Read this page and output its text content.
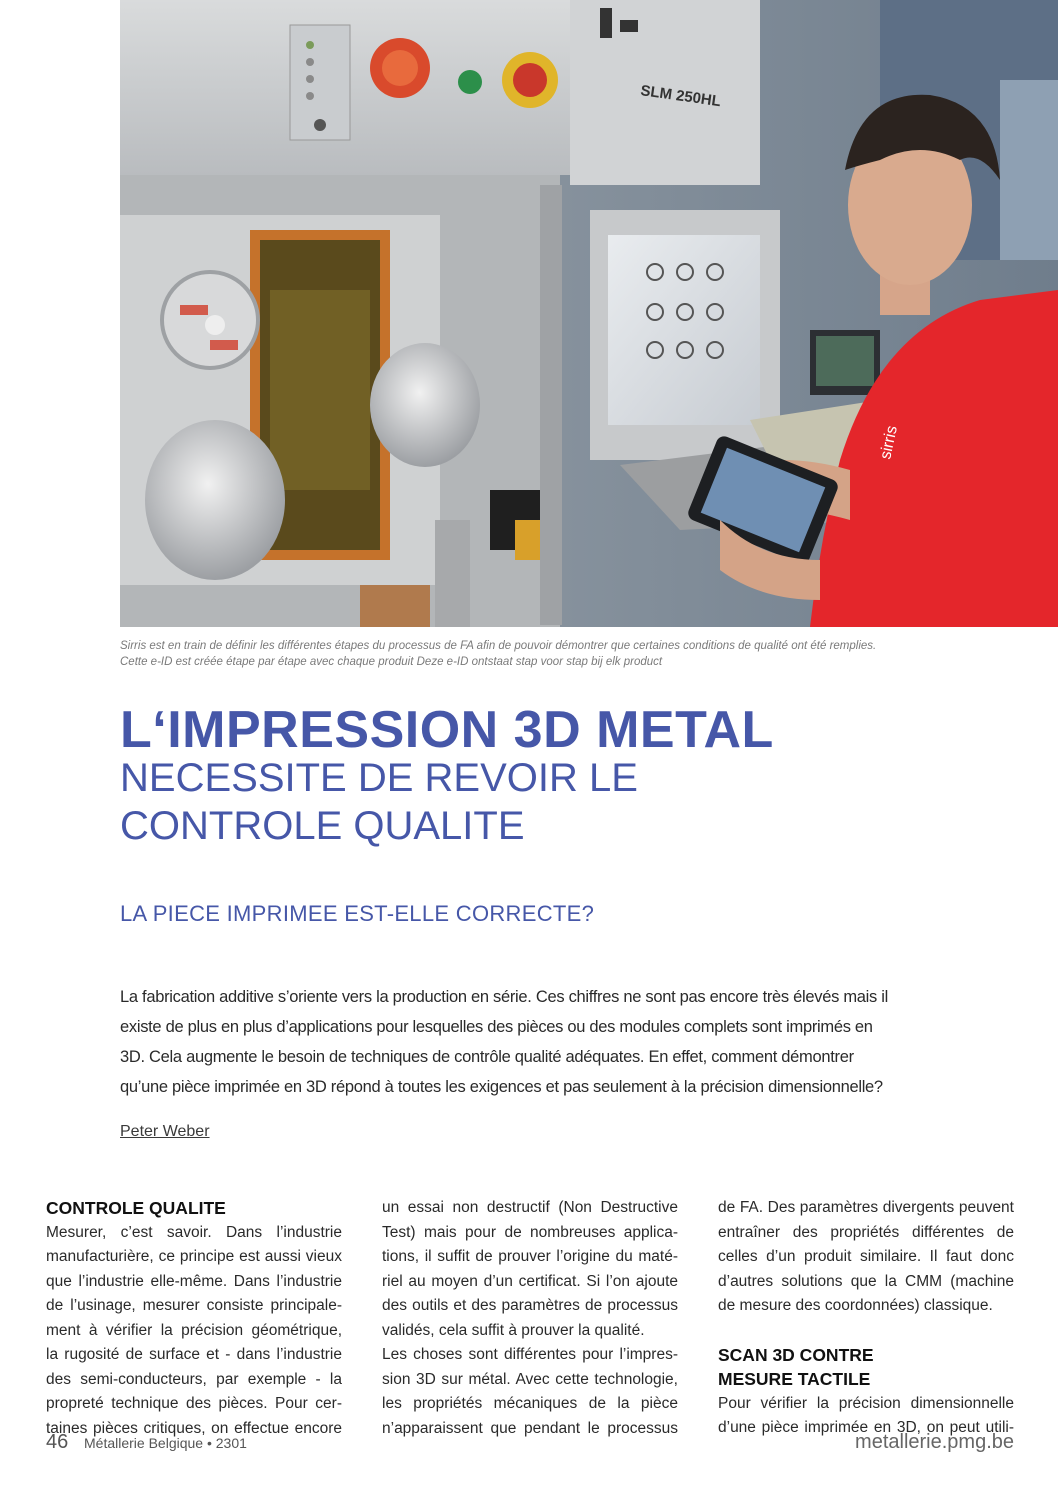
SLM 250HL
sirris
Sirris est en train de définir les différentes étapes du processus de FA afin de pouvoir démontrer que certaines conditions de qualité ont été remplies.
Cette e-ID est créée étape par étape avec chaque produit Deze e-ID ontstaat stap voor stap bij elk product
L‘IMPRESSION 3D METAL
NECESSITE DE REVOIR LE
CONTROLE QUALITE
LA PIECE IMPRIMEE EST-ELLE CORRECTE?
La fabrication additive s’oriente vers la production en série. Ces chiffres ne sont pas encore très élevés mais il
existe de plus en plus d’applications pour lesquelles des pièces ou des modules complets sont imprimés en
3D. Cela augmente le besoin de techniques de contrôle qualité adéquates. En effet, comment démontrer
qu’une pièce imprimée en 3D répond à toutes les exigences et pas seulement à la précision dimensionnelle?
Peter Weber
CONTROLE QUALITE
Mesurer, c’est savoir. Dans l’industrie
manufacturière, ce principe est aussi vieux
que l’industrie elle-même. Dans l’industrie
de l’usinage, mesurer consiste principale-
ment à vérifier la précision géométrique,
la rugosité de surface et - dans l’industrie
des semi-conducteurs, par exemple - la
propreté technique des pièces. Pour cer-
taines pièces critiques, on effectue encore
un essai non destructif (Non Destructive
Test) mais pour de nombreuses applica-
tions, il suffit de prouver l’origine du maté-
riel au moyen d’un certificat. Si l’on ajoute
des outils et des paramètres de processus
validés, cela suffit à prouver la qualité.
Les choses sont différentes pour l’impres-
sion 3D sur métal. Avec cette technologie,
les propriétés mécaniques de la pièce
n’apparaissent que pendant le processus
de FA. Des paramètres divergents peuvent
entraîner des propriétés différentes de
celles d’un produit similaire. Il faut donc
d’autres solutions que la CMM (machine
de mesure des coordonnées) classique.
SCAN 3D CONTRE
MESURE TACTILE
Pour vérifier la précision dimensionnelle
d’une pièce imprimée en 3D, on peut utili-
46 Métallerie Belgique • 2301	metallerie.pmg.be
